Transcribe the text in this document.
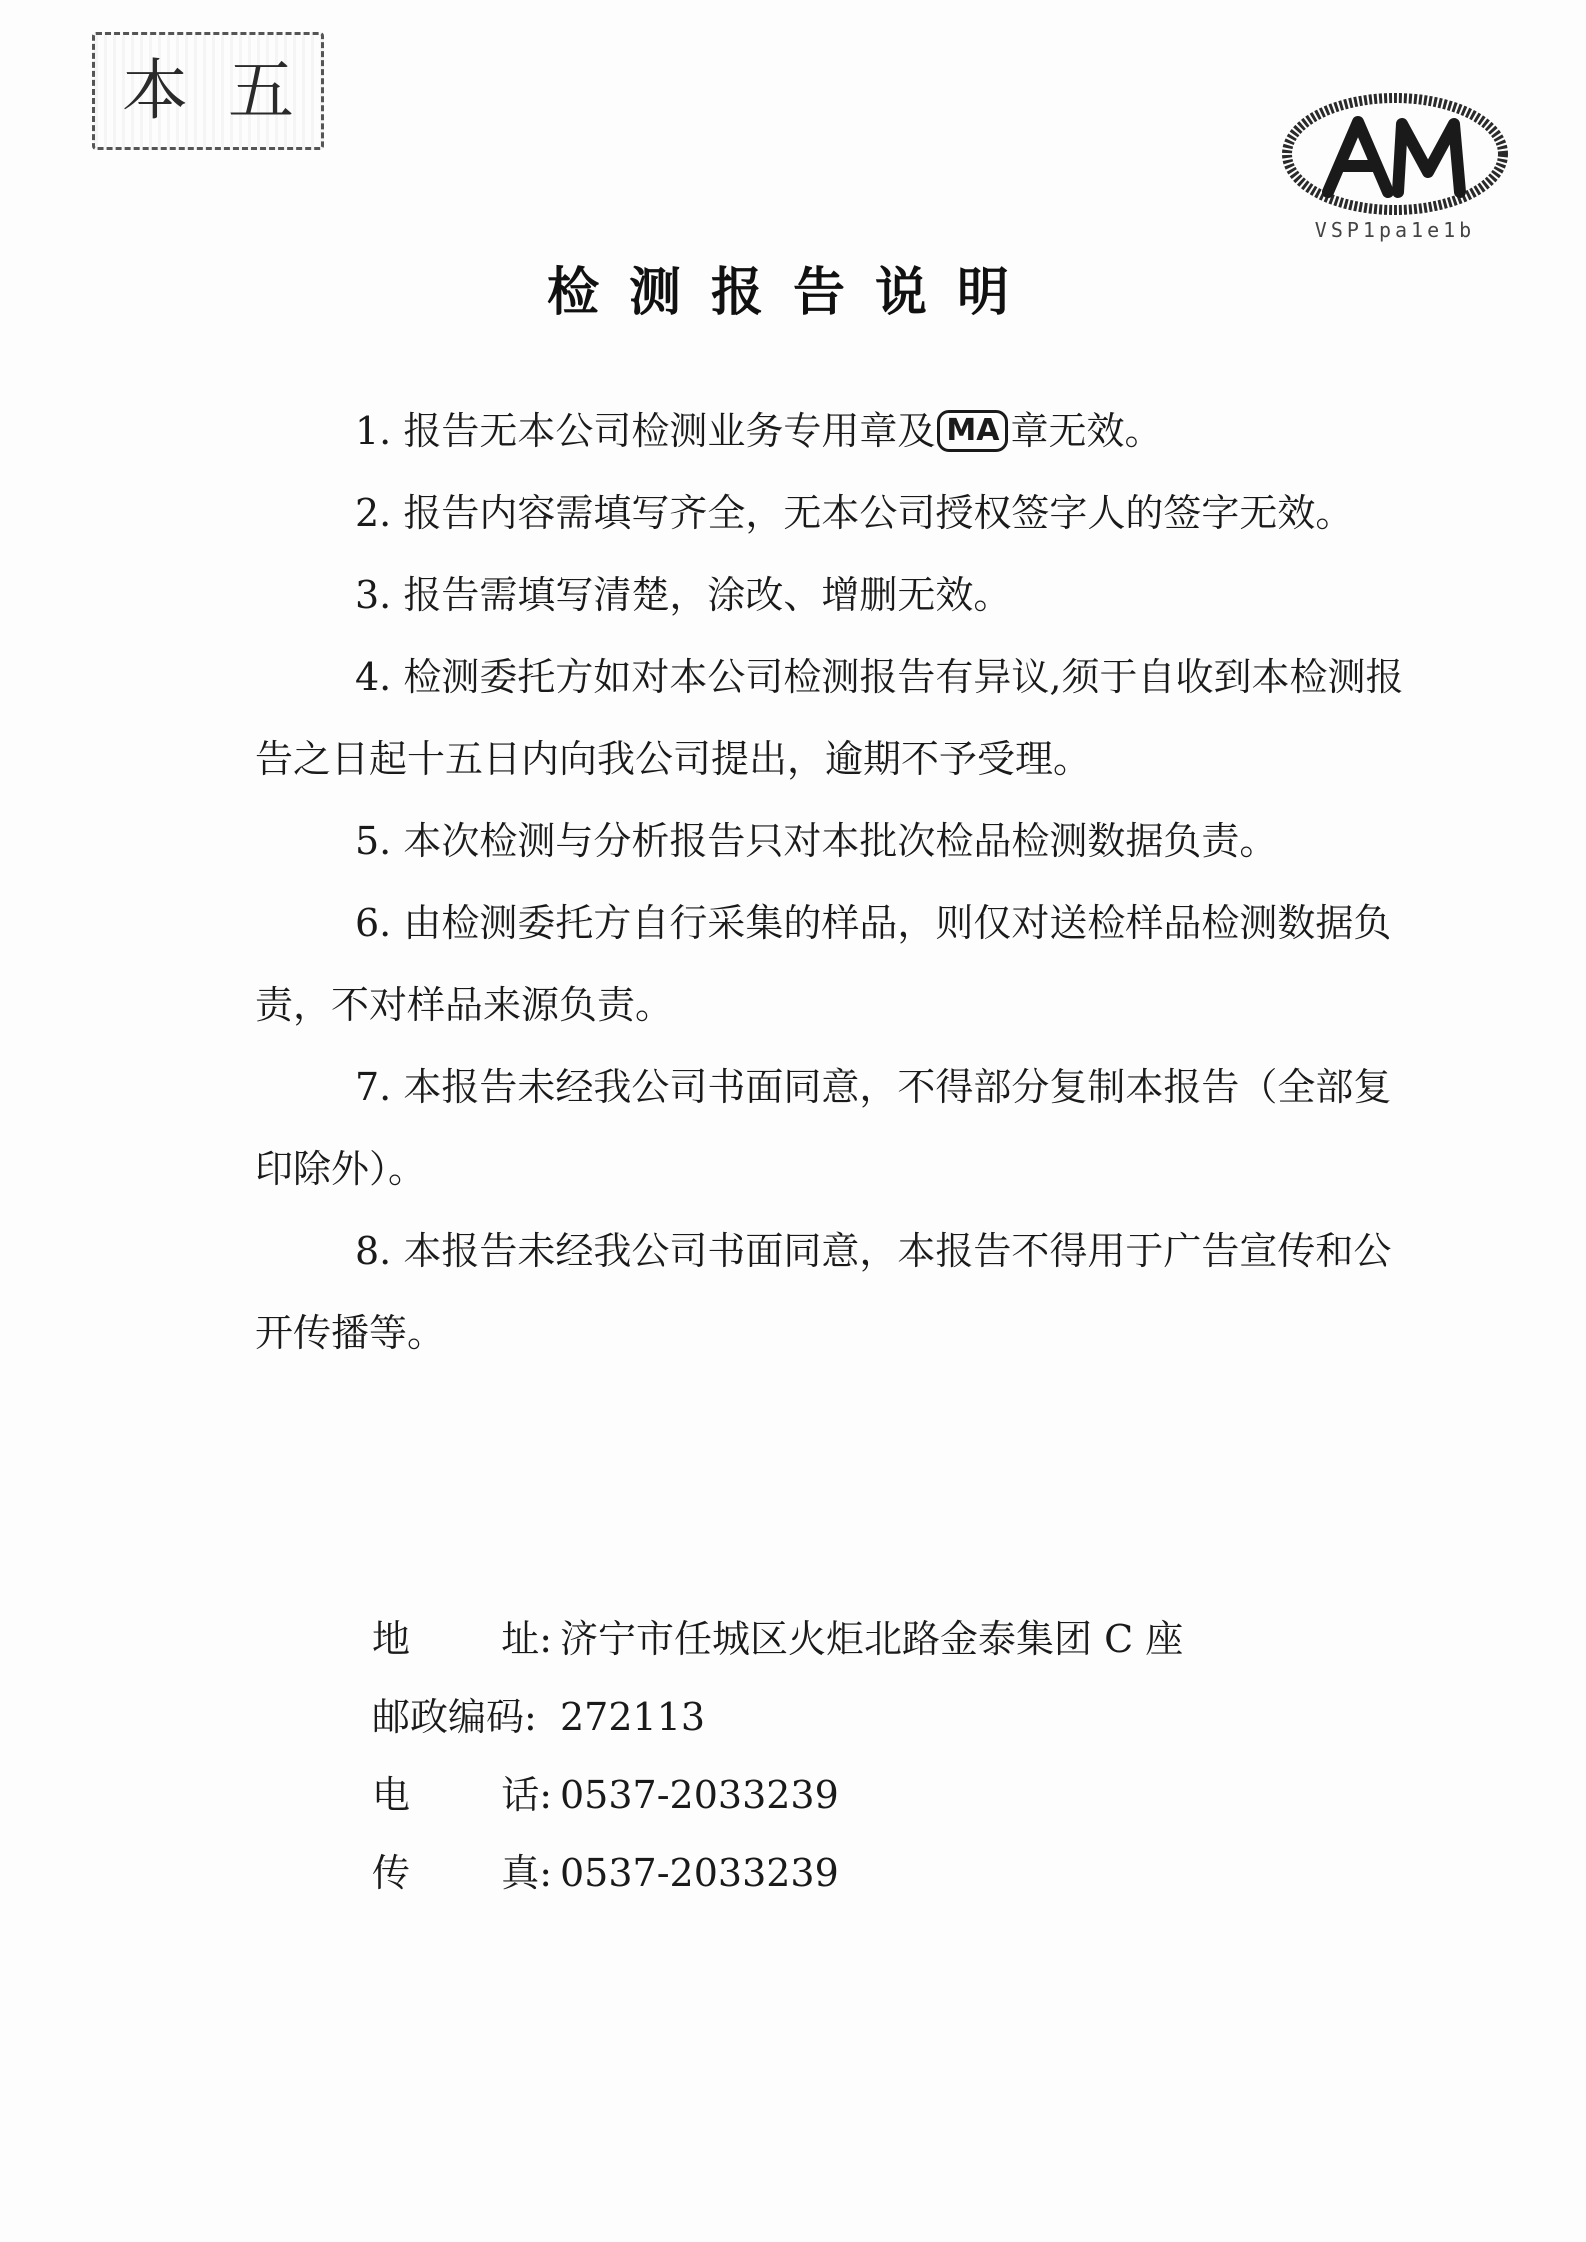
本 五
VSP1pa1e1b
检测报告说明

1. 报告无本公司检测业务专用章及 MA 章无效。

2. 报告内容需填写齐全，无本公司授权签字人的签字无效。

3. 报告需填写清楚，涂改、增删无效。

4. 检测委托方如对本公司检测报告有异议,须于自收到本检测报告之日起十五日内向我公司提出，逾期不予受理。

5. 本次检测与分析报告只对本批次检品检测数据负责。

6. 由检测委托方自行采集的样品，则仅对送检样品检测数据负责，不对样品来源负责。

7. 本报告未经我公司书面同意，不得部分复制本报告（全部复印除外）。

8. 本报告未经我公司书面同意，本报告不得用于广告宣传和公开传播等。

地 址: 济宁市任城区火炬北路金泰集团 C 座
邮政编码: 272113
电 话: 0537-2033239
传 真: 0537-2033239
